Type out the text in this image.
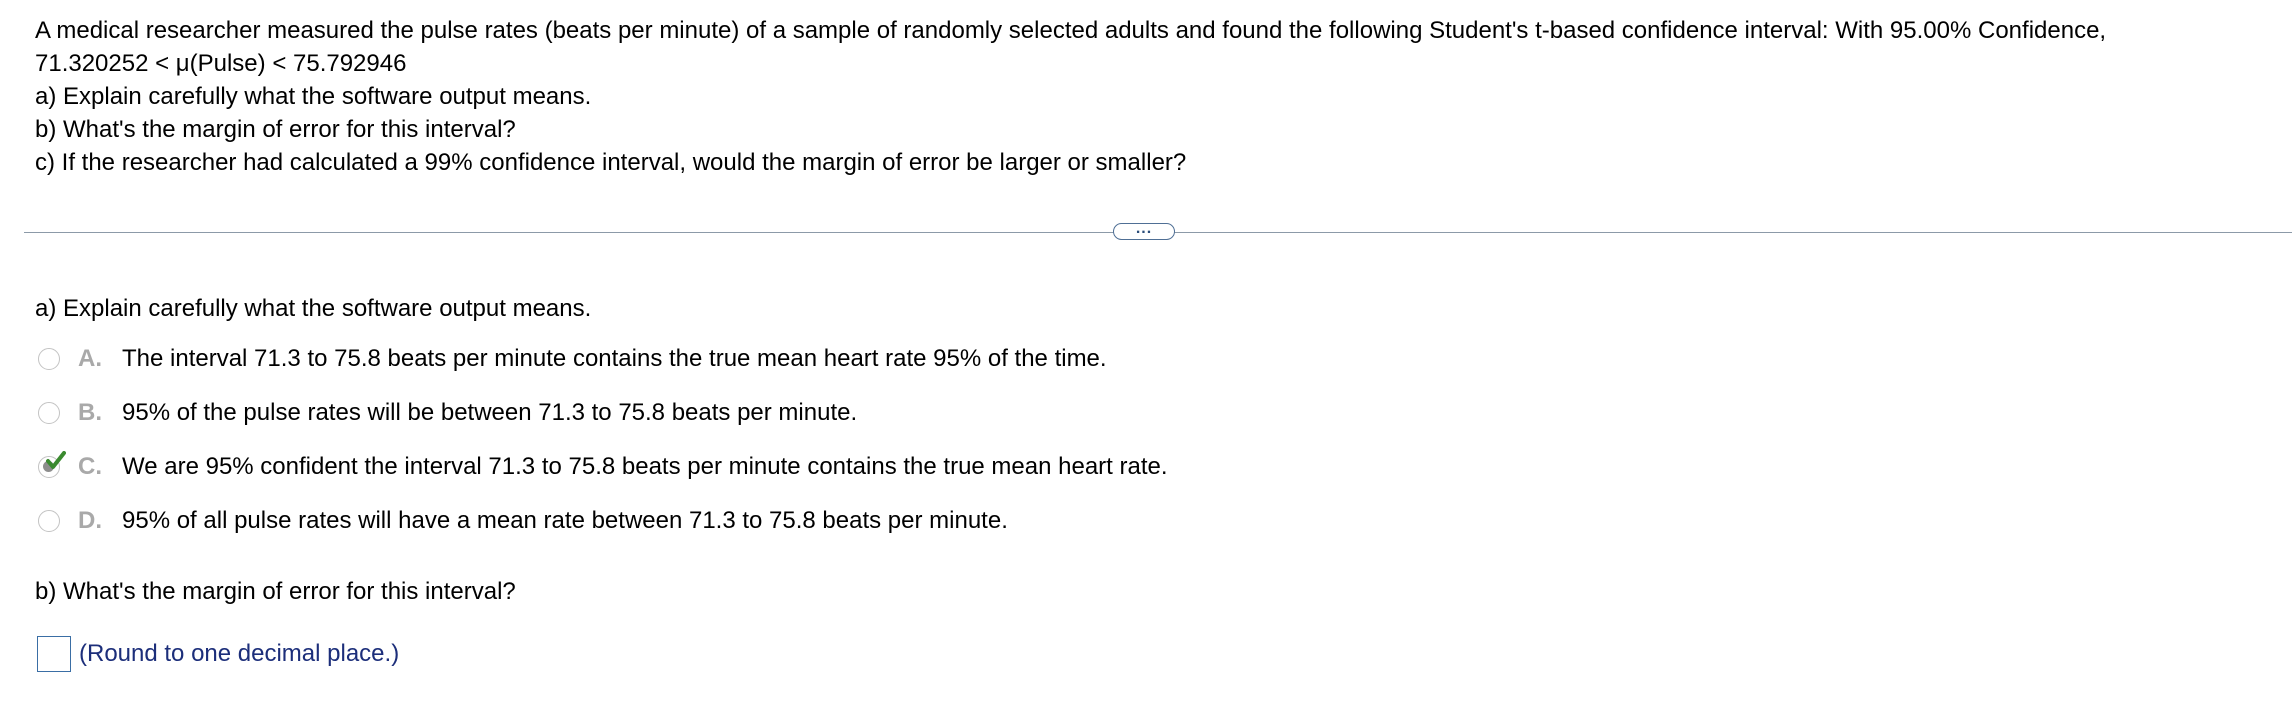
A medical researcher measured the pulse rates (beats per minute) of a sample of randomly selected adults and found the following Student's t-based confidence interval: With 95.00% Confidence,
71.320252 < μ(Pulse) < 75.792946
a) Explain carefully what the software output means.
b) What's the margin of error for this interval?
c) If the researcher had calculated a 99% confidence interval, would the margin of error be larger or smaller?
...
a) Explain carefully what the software output means.
A. The interval 71.3 to 75.8 beats per minute contains the true mean heart rate 95% of the time.
B. 95% of the pulse rates will be between 71.3 to 75.8 beats per minute.
C. We are 95% confident the interval 71.3 to 75.8 beats per minute contains the true mean heart rate.
D. 95% of all pulse rates will have a mean rate between 71.3 to 75.8 beats per minute.
b) What's the margin of error for this interval?
(Round to one decimal place.)
